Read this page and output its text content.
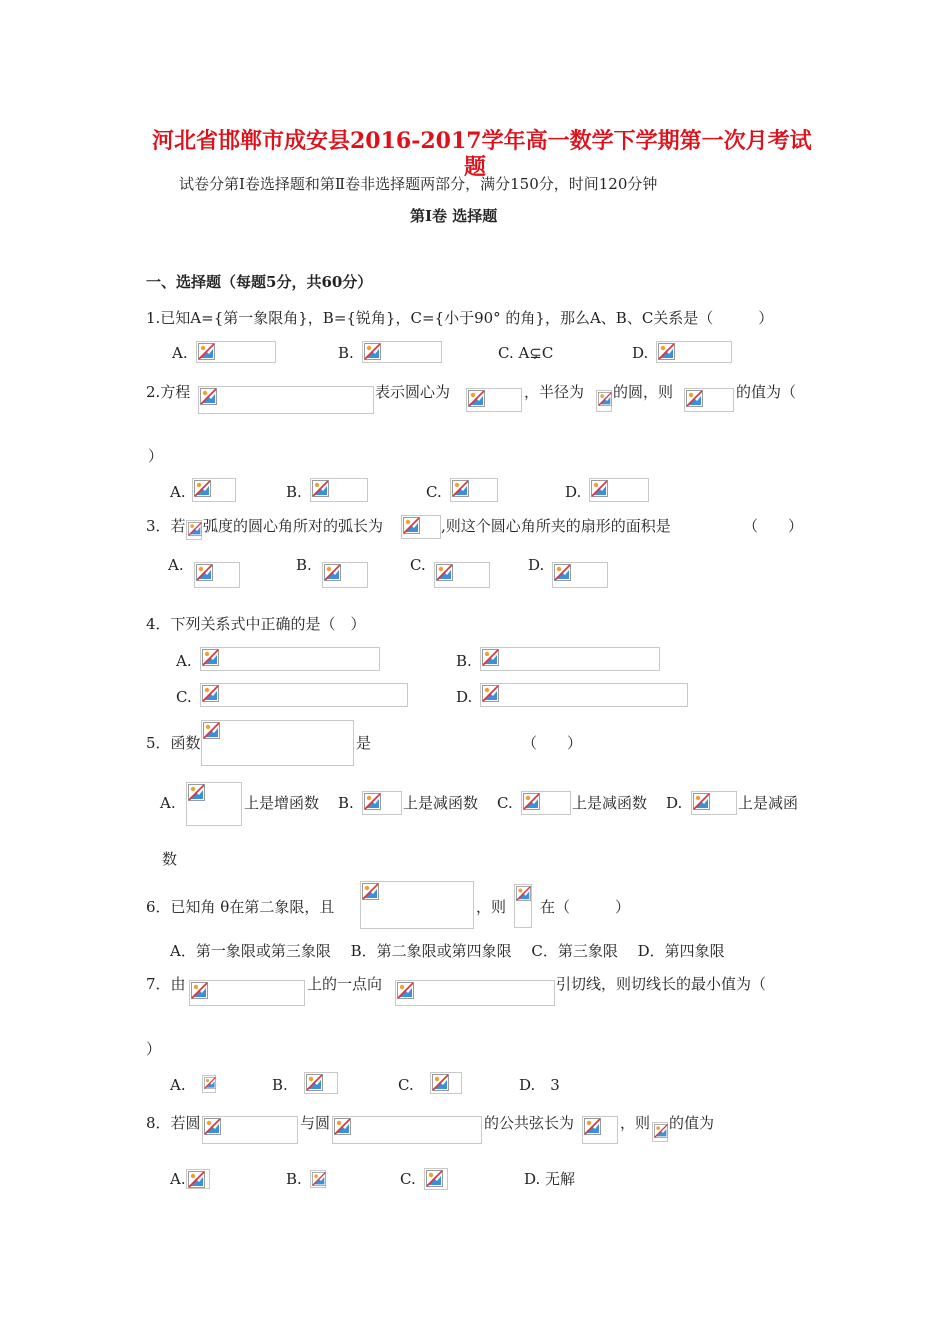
河北省邯郸市成安县2016-2017学年高一数学下学期第一次月考试
题
试卷分第Ⅰ卷选择题和第Ⅱ卷非选择题两部分，满分150分，时间120分钟
第Ⅰ卷 选择题
一、选择题（每题5分，共60分）
1.已知A={第一象限角}，B={锐角}，C={小于90° 的角}，那么A、B、C关系是（　　　）
A.	B.	C. A⊊C	D.
2.方程	表示圆心为	，半径为 的圆，则	的值为（
）
A.	B.	C.	D.
3．若 弧度的圆心角所对的弧长为	,则这个圆心角所夹的扇形的面积是	（　　）
A.	B.	C.	D.
4．下列关系式中正确的是（　）
A.	B.
C.	D.
5．函数	是	（　　）
A.	上是增函数 B.	上是减函数 C.	上是减函数 D.	上是减函
数
6．已知角 θ在第二象限，且	，则 在（　　　）
A．第一象限或第三象限　 B．第二象限或第四象限　 C．第三象限　 D．第四象限
7．由	上的一点向	引切线，则切线长的最小值为（
）
A.	B.	C.	D.　3
8．若圆	与圆	的公共弦长为	，则 的值为
A.	B.	C.	D. 无解
